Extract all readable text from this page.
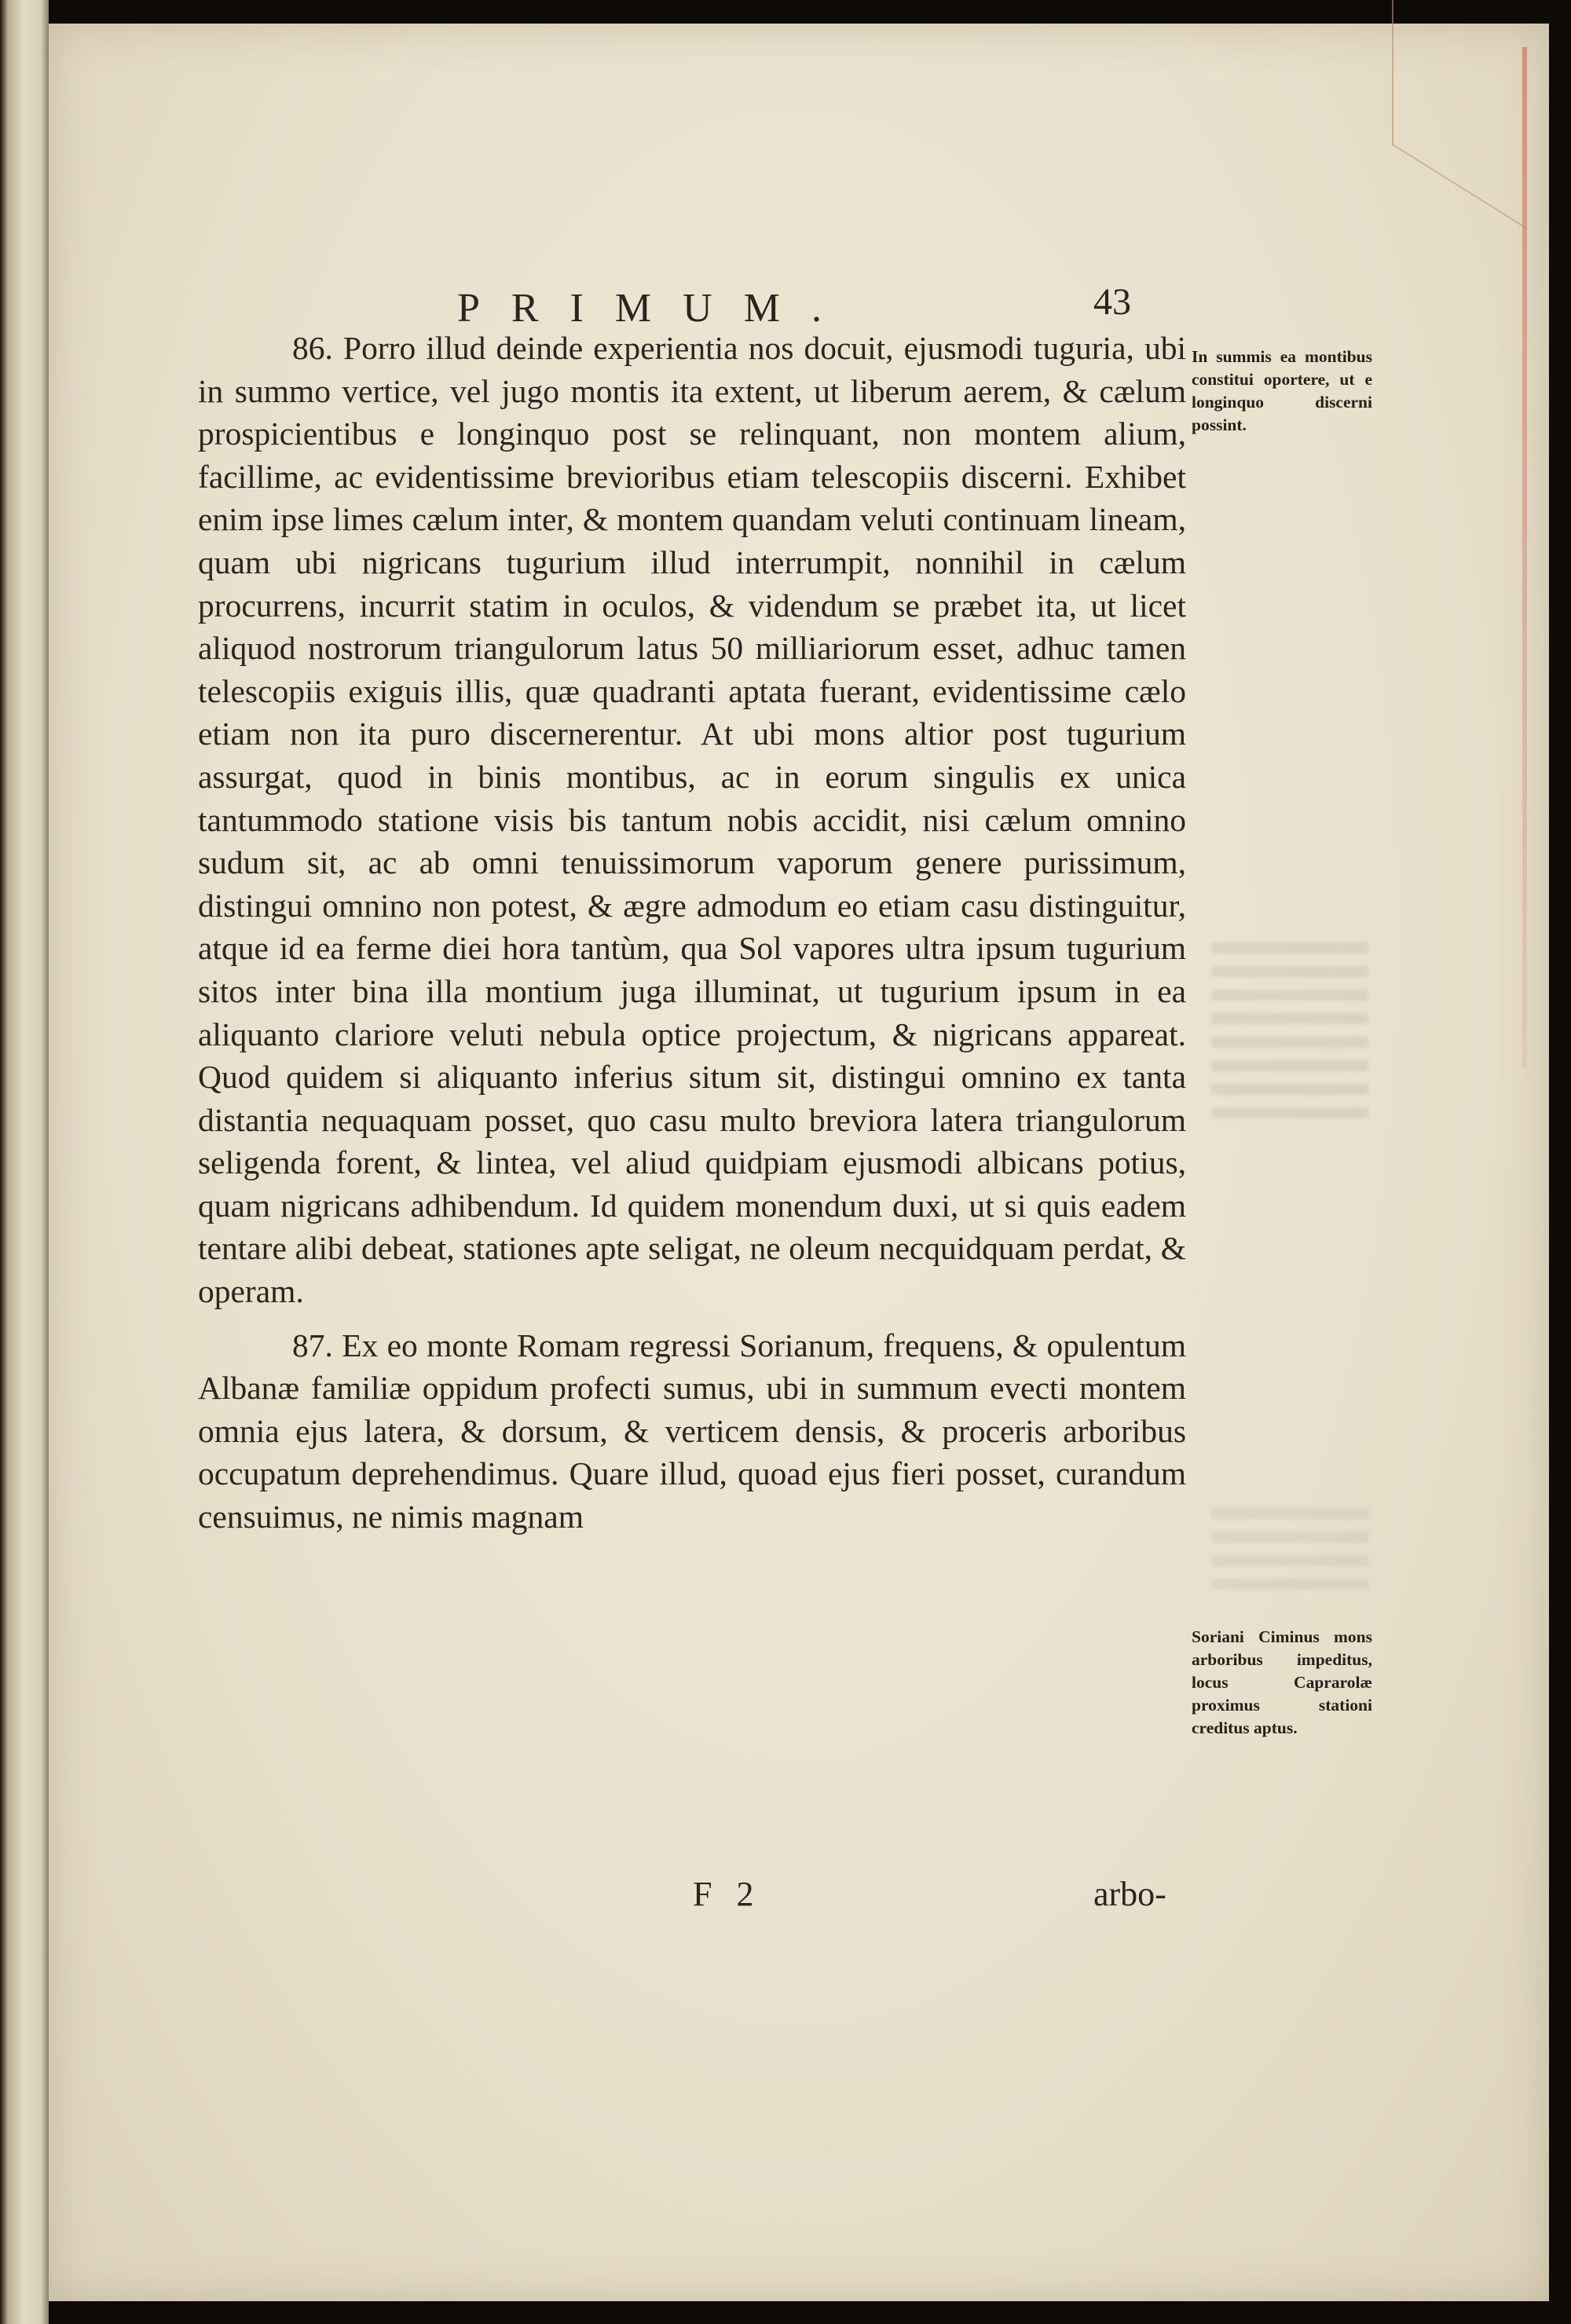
PRIMUM.	43

86. Porro illud deinde experientia nos docuit, ejusmodi tuguria, ubi in summo vertice, vel jugo montis ita extent, ut liberum aerem, & cælum prospicientibus e longinquo post se relinquant, non montem alium, facillime, ac evidentissime brevioribus etiam telescopiis discerni. Exhibet enim ipse limes cælum inter, & montem quandam veluti continuam lineam, quam ubi nigricans tugurium illud interrumpit, nonnihil in cælum procurrens, incurrit statim in oculos, & videndum se præbet ita, ut licet aliquod nostrorum triangulorum latus 50 milliariorum esset, adhuc tamen telescopiis exiguis illis, quæ quadranti aptata fuerant, evidentissime cælo etiam non ita puro discernerentur. At ubi mons altior post tugurium assurgat, quod in binis montibus, ac in eorum singulis ex unica tantummodo statione visis bis tantum nobis accidit, nisi cælum omnino sudum sit, ac ab omni tenuissimorum vaporum genere purissimum, distingui omnino non potest, & ægre admodum eo etiam casu distinguitur, atque id ea ferme diei hora tantùm, qua Sol vapores ultra ipsum tugurium sitos inter bina illa montium juga illuminat, ut tugurium ipsum in ea aliquanto clariore veluti nebula optice projectum, & nigricans appareat. Quod quidem si aliquanto inferius situm sit, distingui omnino ex tanta distantia nequaquam posset, quo casu multo breviora latera triangulorum seligenda forent, & lintea, vel aliud quidpiam ejusmodi albicans potius, quam nigricans adhibendum. Id quidem monendum duxi, ut si quis eadem tentare alibi debeat, stationes apte seligat, ne oleum necquidquam perdat, & operam.

87. Ex eo monte Romam regressi Sorianum, frequens, & opulentum Albanæ familiæ oppidum profecti sumus, ubi in summum evecti montem omnia ejus latera, & dorsum, & verticem densis, & proceris arboribus occupatum deprehendimus. Quare illud, quoad ejus fieri posset, curandum censuimus, ne nimis magnam

In summis ea montibus constitui oportere, ut e longinquo discerni possint.

Soriani Ciminus mons arboribus impeditus, locus Caprarolæ proximus stationi creditus aptus.

F 2	arbo-
